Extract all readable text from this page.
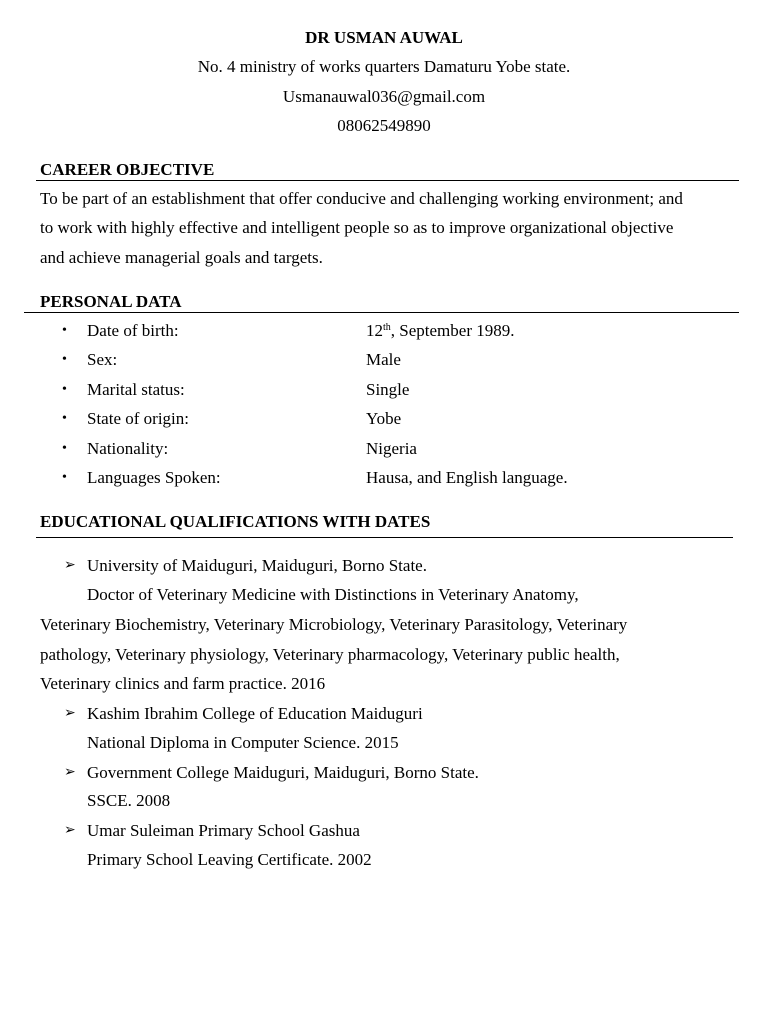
DR USMAN AUWAL
No. 4 ministry of works quarters Damaturu Yobe state.
Usmanauwal036@gmail.com
08062549890
CAREER OBJECTIVE
To be part of an establishment that offer conducive and challenging working environment; and
to work with highly effective and intelligent people so as to improve organizational objective
and achieve managerial goals and targets.
PERSONAL DATA
• Date of birth:	12th, September 1989.
• Sex:	Male
• Marital status:	Single
• State of origin:	Yobe
• Nationality:	Nigeria
• Languages Spoken:	Hausa, and English language.
EDUCATIONAL QUALIFICATIONS WITH DATES
➢ University of Maiduguri, Maiduguri, Borno State.
Doctor of Veterinary Medicine with Distinctions in Veterinary Anatomy,
Veterinary Biochemistry, Veterinary Microbiology, Veterinary Parasitology, Veterinary
pathology, Veterinary physiology, Veterinary pharmacology, Veterinary public health,
Veterinary clinics and farm practice. 2016
➢ Kashim Ibrahim College of Education Maiduguri
National Diploma in Computer Science. 2015
➢ Government College Maiduguri, Maiduguri, Borno State.
SSCE. 2008
➢ Umar Suleiman Primary School Gashua
Primary School Leaving Certificate. 2002
